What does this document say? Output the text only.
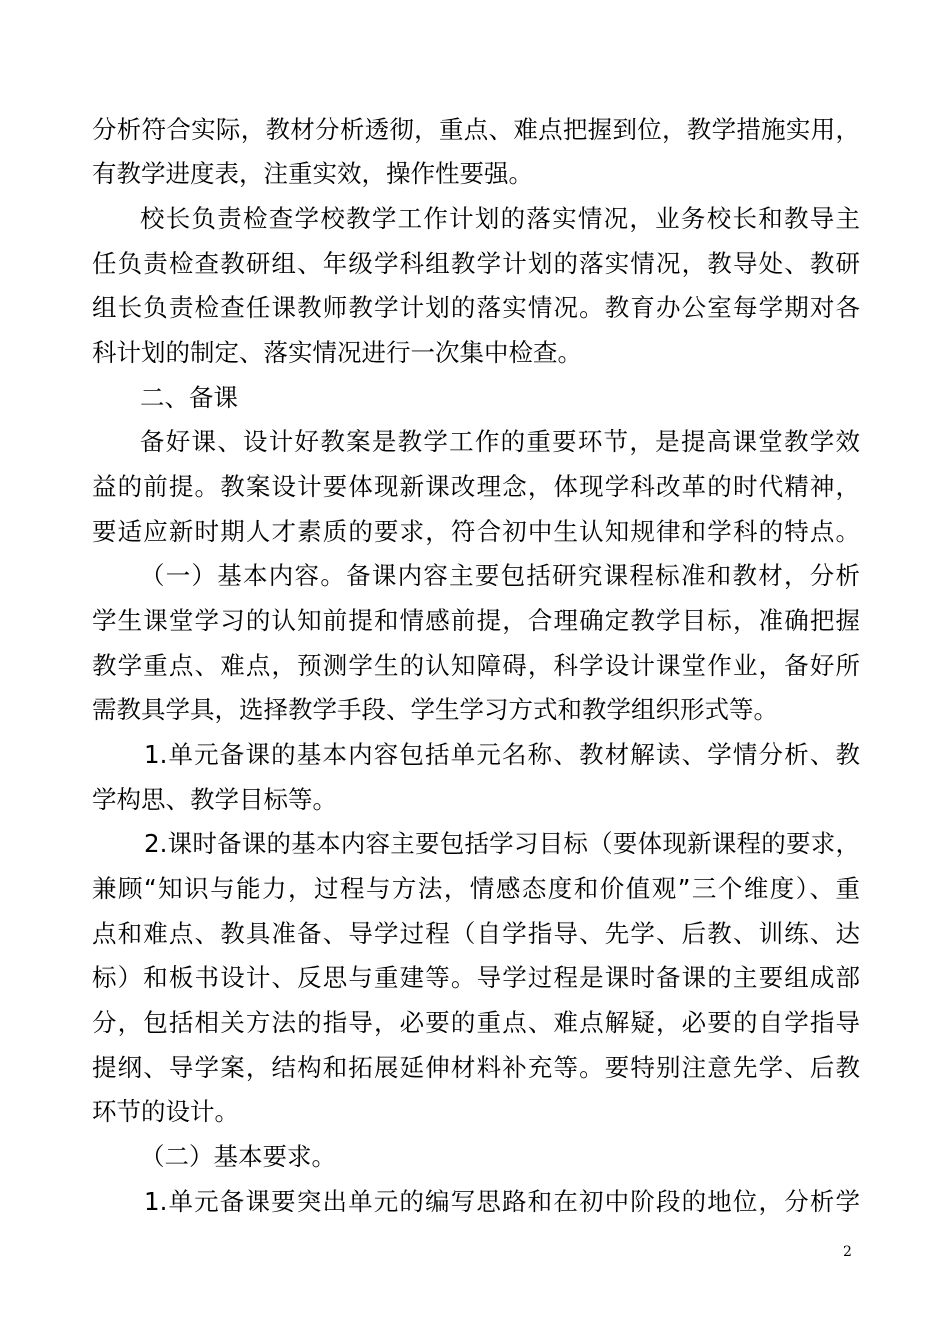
分析符合实际，教材分析透彻，重点、难点把握到位，教学措施实用，
有教学进度表，注重实效，操作性要强。
校长负责检查学校教学工作计划的落实情况，业务校长和教导主
任负责检查教研组、年级学科组教学计划的落实情况，教导处、教研
组长负责检查任课教师教学计划的落实情况。教育办公室每学期对各
科计划的制定、落实情况进行一次集中检查。
二、备课
备好课、设计好教案是教学工作的重要环节，是提高课堂教学效
益的前提。教案设计要体现新课改理念，体现学科改革的时代精神，
要适应新时期人才素质的要求，符合初中生认知规律和学科的特点。
（一）基本内容。备课内容主要包括研究课程标准和教材，分析
学生课堂学习的认知前提和情感前提，合理确定教学目标，准确把握
教学重点、难点，预测学生的认知障碍，科学设计课堂作业，备好所
需教具学具，选择教学手段、学生学习方式和教学组织形式等。
1.单元备课的基本内容包括单元名称、教材解读、学情分析、教
学构思、教学目标等。
2.课时备课的基本内容主要包括学习目标（要体现新课程的要求，
兼顾“知识与能力，过程与方法，情感态度和价值观”三个维度）、重
点和难点、教具准备、导学过程（自学指导、先学、后教、训练、达
标）和板书设计、反思与重建等。导学过程是课时备课的主要组成部
分，包括相关方法的指导，必要的重点、难点解疑，必要的自学指导
提纲、导学案，结构和拓展延伸材料补充等。要特别注意先学、后教
环节的设计。
（二）基本要求。
1.单元备课要突出单元的编写思路和在初中阶段的地位，分析学
2
